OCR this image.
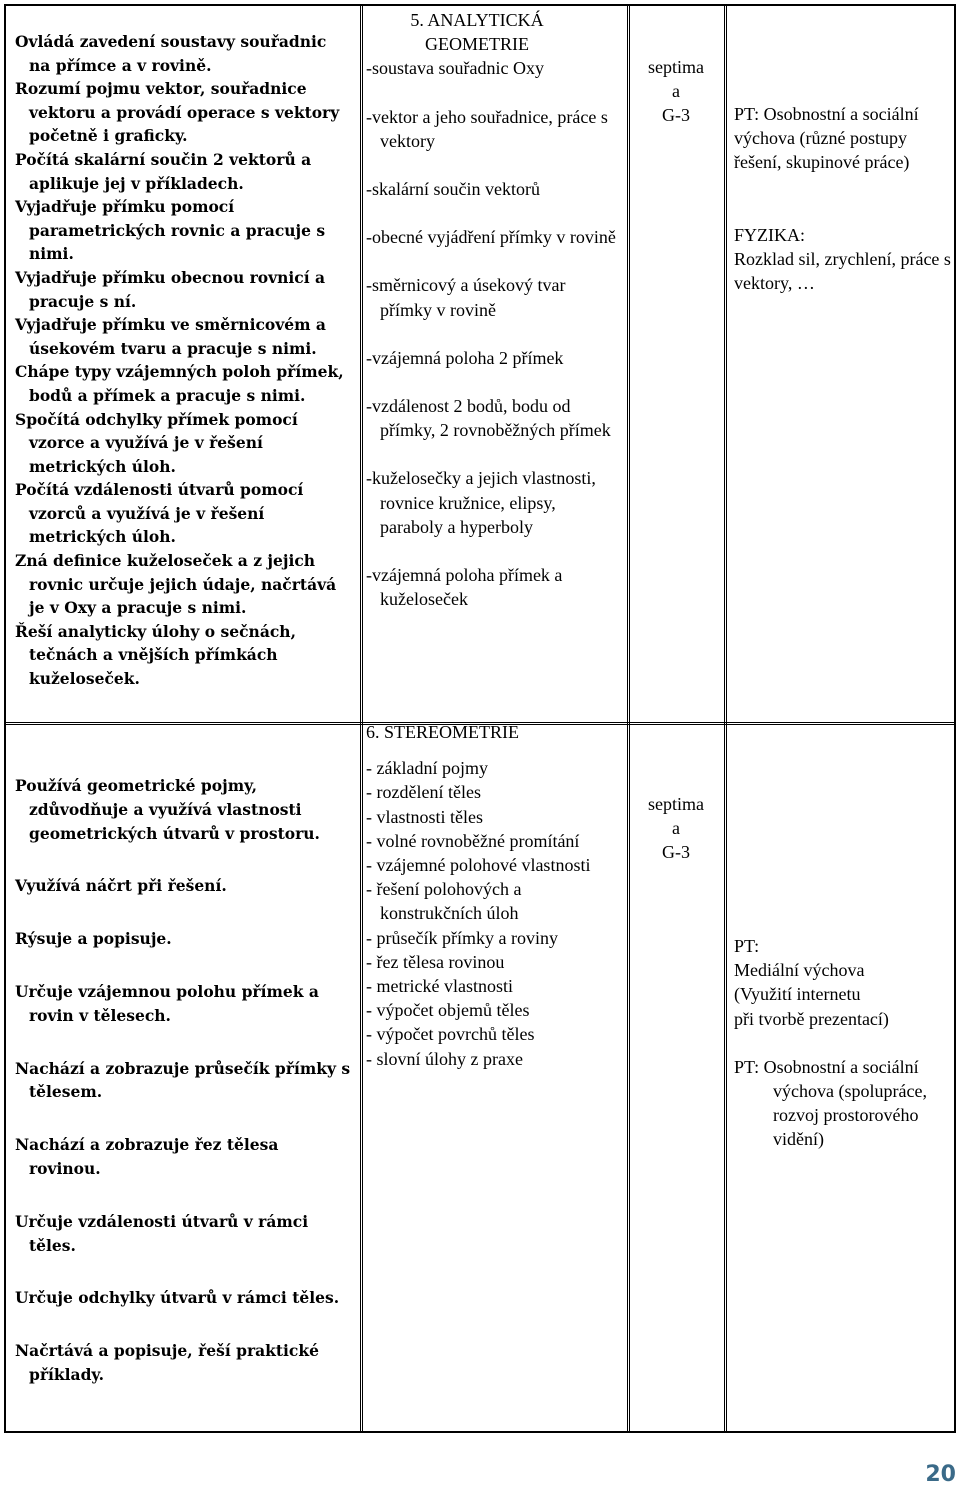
Ovládá zavedení soustavy souřadnic na přímce a v rovině.
Rozumí pojmu vektor, souřadnice vektoru a provádí operace s vektory početně i graficky.
Počítá skalární součin 2 vektorů a aplikuje jej v příkladech.
Vyjadřuje přímku pomocí parametrických rovnic a pracuje s nimi.
Vyjadřuje přímku obecnou rovnicí a pracuje s ní.
Vyjadřuje přímku ve směrnicovém a úsekovém tvaru a pracuje s nimi.
Chápe typy vzájemných poloh přímek, bodů a přímek a pracuje s nimi.
Spočítá odchylky přímek pomocí vzorce a využívá je v řešení metrických úloh.
Počítá vzdálenosti útvarů pomocí vzorců a využívá je v řešení metrických úloh.
Zná definice kuželoseček a z jejich rovnic určuje jejich údaje, načrtává je v Oxy a pracuje s nimi.
Řeší analyticky úlohy o sečnách, tečnách a vnějších přímkách kuželoseček.
Používá geometrické pojmy, zdůvodňuje a využívá vlastnosti geometrických útvarů v prostoru.
Využívá náčrt při řešení.
Rýsuje a popisuje.
Určuje vzájemnou polohu přímek a rovin v tělesech.
Nachází a zobrazuje průsečík přímky s tělesem.
Nachází a zobrazuje řez tělesa rovinou.
Určuje vzdálenosti útvarů v rámci těles.
Určuje odchylky útvarů v rámci těles.
Načrtává a popisuje, řeší praktické příklady.
5. ANALYTICKÁ
GEOMETRIE
-soustava souřadnic Oxy
-vektor a jeho souřadnice, práce s vektory
-skalární součin vektorů
-obecné vyjádření přímky v rovině
-směrnicový a úsekový tvar přímky v rovině
-vzájemná poloha 2 přímek
-vzdálenost 2 bodů, bodu od přímky, 2 rovnoběžných přímek
-kuželosečky a jejich vlastnosti, rovnice kružnice, elipsy, paraboly a hyperboly
-vzájemná poloha přímek a kuželoseček
6. STEREOMETRIE
- základní pojmy
- rozdělení těles
- vlastnosti těles
- volné rovnoběžné promítání
- vzájemné polohové vlastnosti
- řešení polohových a konstrukčních úloh
- průsečík přímky a roviny
- řez tělesa rovinou
- metrické vlastnosti
- výpočet objemů těles
- výpočet povrchů těles
- slovní úlohy z praxe
septima
a
G-3
septima
a
G-3
PT: Osobnostní a sociální výchova (různé postupy řešení, skupinové práce)
FYZIKA:
Rozklad sil, zrychlení, práce s vektory, …
PT:
Mediální výchova
(Využití internetu
při tvorbě prezentací)
PT: Osobnostní a sociální výchova (spolupráce, rozvoj prostorového vidění)
20
